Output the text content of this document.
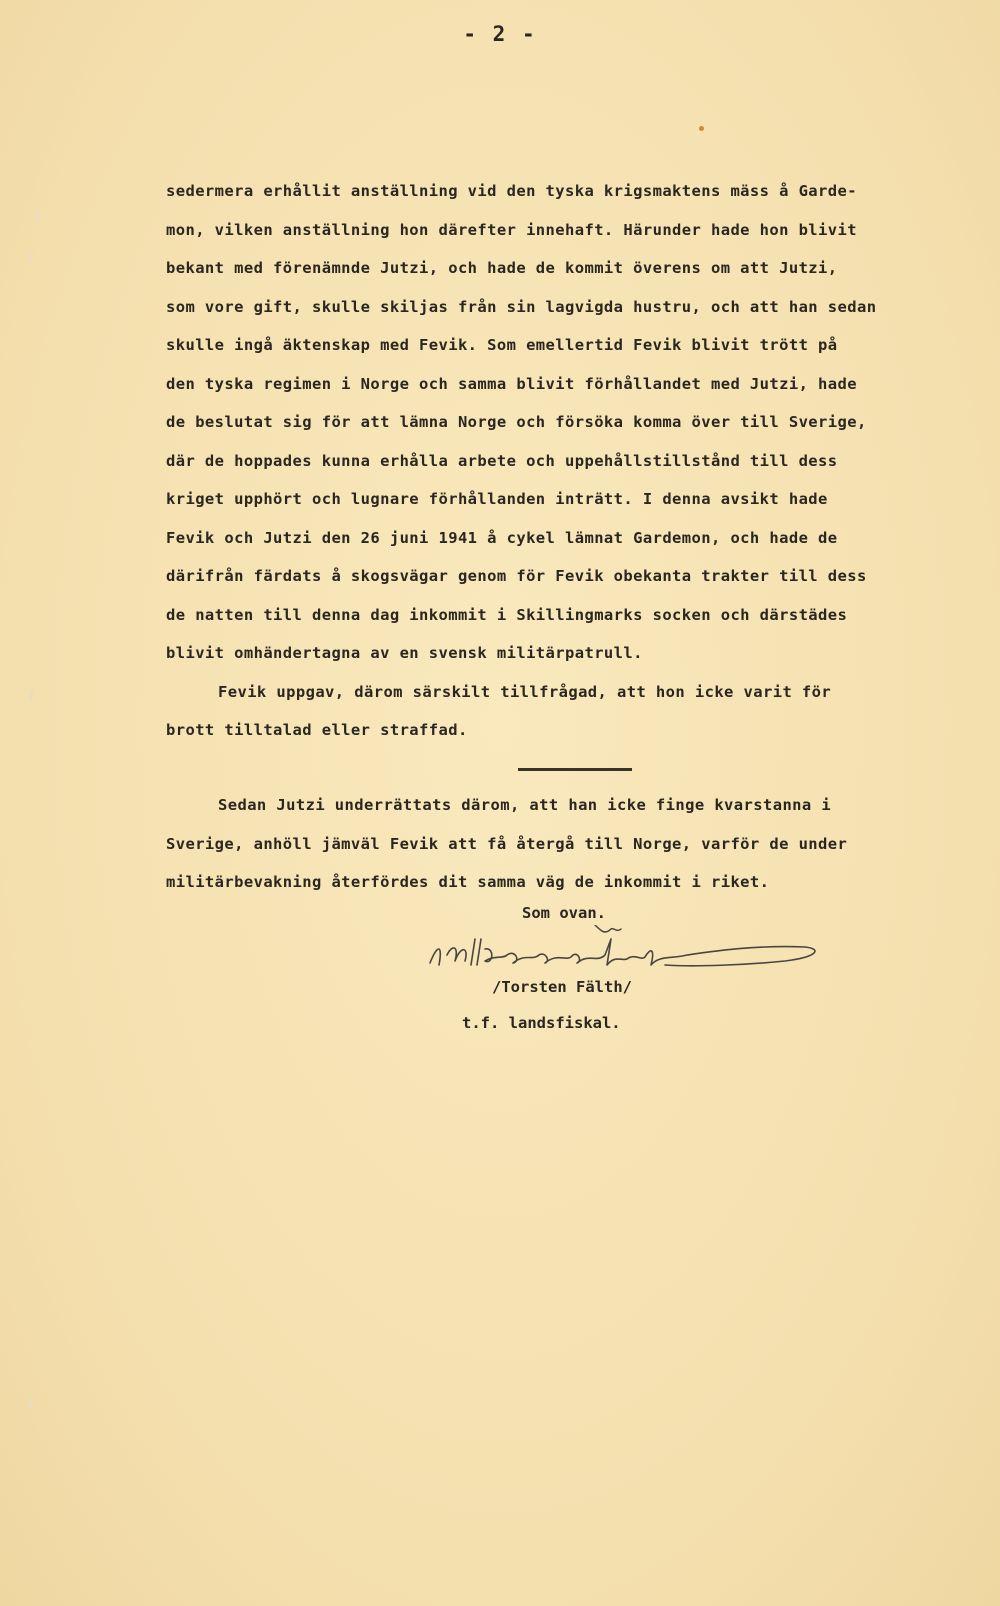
- 2 -
sedermera erhållit anställning vid den tyska krigsmaktens mäss å Garde-
mon, vilken anställning hon därefter innehaft. Härunder hade hon blivit
bekant med förenämnde Jutzi, och hade de kommit överens om att Jutzi,
som vore gift, skulle skiljas från sin lagvigda hustru, och att han sedan
skulle ingå äktenskap med Fevik. Som emellertid Fevik blivit trött på
den tyska regimen i Norge och samma blivit förhållandet med Jutzi, hade
de beslutat sig för att lämna Norge och försöka komma över till Sverige,
där de hoppades kunna erhålla arbete och uppehållstillstånd till dess
kriget upphört och lugnare förhållanden inträtt. I denna avsikt hade
Fevik och Jutzi den 26 juni 1941 å cykel lämnat Gardemon, och hade de
därifrån färdats å skogsvägar genom för Fevik obekanta trakter till dess
de natten till denna dag inkommit i Skillingmarks socken och därstädes
blivit omhändertagna av en svensk militärpatrull.
Fevik uppgav, därom särskilt tillfrågad, att hon icke varit för
brott tilltalad eller straffad.
Sedan Jutzi underrättats därom, att han icke finge kvarstanna i
Sverige, anhöll jämväl Fevik att få återgå till Norge, varför de under
militärbevakning återfördes dit samma väg de inkommit i riket.
Som ovan.
/Torsten Fälth/
t.f. landsfiskal.
